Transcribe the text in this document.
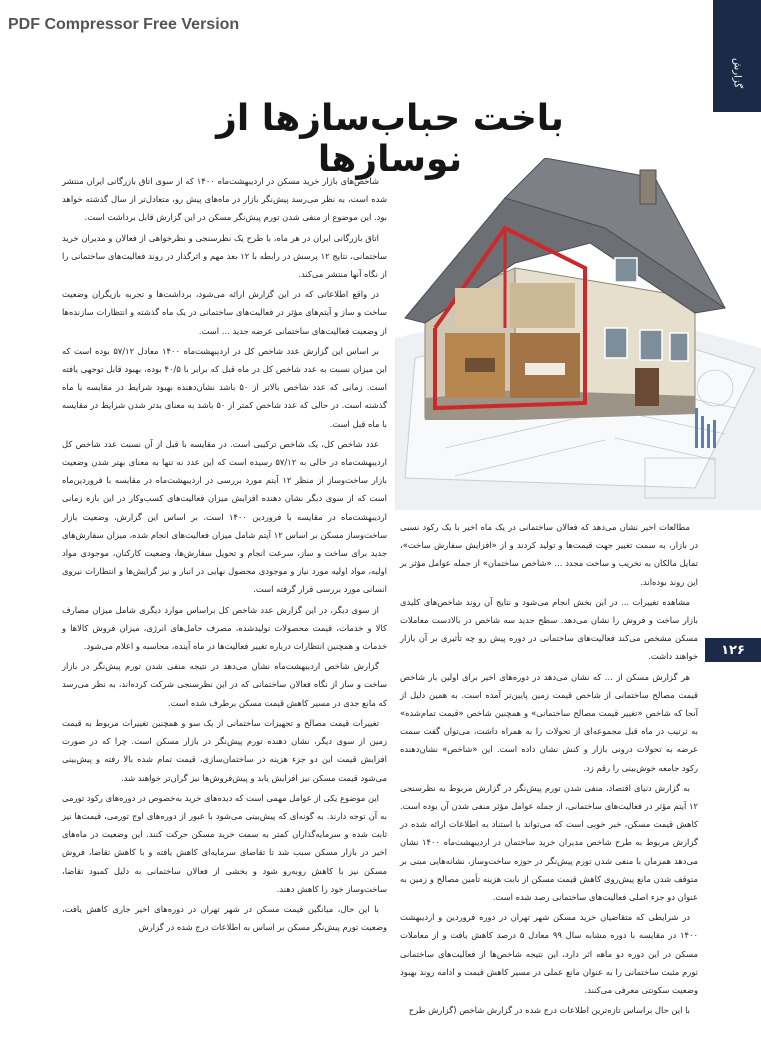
PDF Compressor Free Version
گزارش
باخت حباب‌سازها از نوسازها

شاخص‌های بازار خرید مسکن در اردیبهشت‌ماه ۱۴۰۰ که از سوی اتاق بازرگانی ایران منتشر شده است، به نظر می‌رسد پیش‌نگر بازار در ماه‌های پیش رو، متعادل‌تر از سال گذشته خواهد بود. این موضوع از منفی شدن تورم پیش‌نگر مسکن در این گزارش قابل برداشت است.

اتاق بازرگانی ایران در هر ماه، با طرح یک نظرسنجی و نظرخواهی از فعالان و مدیران خرید ساختمانی، نتایج ۱۲ پرسش در رابطه با ۱۲ بعد مهم و اثرگذار در روند فعالیت‌های ساختمانی را از نگاه آنها منتشر می‌کند.

در واقع اطلاعاتی که در این گزارش ارائه می‌شود، برداشت‌ها و تجربه بازیگران وضعیت ساخت و ساز و آیتم‌های مؤثر در فعالیت‌های ساختمانی در یک ماه گذشته و انتظارات سازنده‌ها از وضعیت فعالیت‌های ساختمانی عرضه جدید ... است.

بر اساس این گزارش عدد شاخص کل در اردیبهشت‌ماه ۱۴۰۰ معادل ۵۷/۱۲ بوده است که این میزان نسبت به عدد شاخص کل در ماه قبل که برابر با ۴۰/۵ بوده، بهبود قابل توجهی یافته است. زمانی که عدد شاخص بالاتر از ۵۰ باشد نشان‌دهنده بهبود شرایط در مقایسه با ماه گذشته است. در حالی که عدد شاخص کمتر از ۵۰ باشد به معنای بدتر شدن شرایط در مقایسه با ماه قبل است.

عدد شاخص کل، یک شاخص ترکیبی است. در مقایسه با قبل از آن نسبت عدد شاخص کل اردیبهشت‌ماه در حالی به ۵۷/۱۲ رسیده است که این عدد نه تنها به معنای بهتر شدن وضعیت بازار ساخت‌وساز از منظر ۱۲ آیتم مورد بررسی در اردیبهشت‌ماه در مقایسه با فروردین‌ماه است که از سوی دیگر نشان دهنده افزایش میزان فعالیت‌های کسب‌وکار در این بازه زمانی اردیبهشت‌ماه در مقایسه با فروردین ۱۴۰۰ است. بر اساس این گزارش، وضعیت بازار ساخت‌وساز مسکن بر اساس ۱۲ آیتم شامل میزان فعالیت‌های انجام شده، میزان سفارش‌های جدید برای ساخت و ساز، سرعت انجام و تحویل سفارش‌ها، وضعیت کارکنان، موجودی مواد اولیه، مواد اولیه مورد نیاز و موجودی محصول نهایی در انبار و نیز گرایش‌ها و انتظارات نیروی انسانی مورد بررسی قرار گرفته است.

از سوی دیگر، در این گزارش عدد شاخص کل براساس موارد دیگری شامل میزان مصارف کالا و خدمات، قیمت محصولات تولیدشده، مصرف حامل‌های انرژی، میزان فروش کالاها و خدمات و همچنین انتظارات درباره تغییر فعالیت‌ها در ماه آینده، محاسبه و اعلام می‌شود.

گزارش شاخص اردیبهشت‌ماه نشان می‌دهد در نتیجه منفی شدن تورم پیش‌نگر در بازار ساخت و ساز از نگاه فعالان ساختمانی که در این نظرسنجی شرکت کرده‌اند، به نظر می‌رسد که مانع جدی در مسیر کاهش قیمت مسکن برطرف شده است.

تغییرات قیمت مصالح و تجهیزات ساختمانی از یک سو و همچنین تغییرات مربوط به قیمت زمین از سوی دیگر، نشان دهنده تورم پیش‌نگر در بازار مسکن است. چرا که در صورت افزایش قیمت این دو جزء هزینه در ساختمان‌سازی، قیمت تمام شده بالا رفته و پیش‌بینی می‌شود قیمت مسکن نیز افزایش یابد و پیش‌فروش‌ها نیز گران‌تر خواهند شد.

این موضوع یکی از عوامل مهمی است که دیده‌های خرید به‌خصوص در دوره‌های رکود تورمی به آن توجه دارند. به گونه‌ای که پیش‌بینی می‌شود با عبور از دوره‌های اوج تورمی، قیمت‌ها نیز ثابت شده و سرمایه‌گذاران کمتر به سمت خرید مسکن حرکت کنند. این وضعیت در ماه‌های اخیر در بازار مسکن سبب شد تا تقاضای سرمایه‌ای کاهش یافته و با کاهش تقاضا، فروش مسکن نیز با کاهش روبه‌رو شود و بخشی از فعالان ساختمانی به دلیل کمبود تقاضا، ساخت‌وساز خود را کاهش دهند.

با این حال، میانگین قیمت مسکن در شهر تهران در دوره‌های اخیر جاری کاهش یافت، وضعیت تورم پیش‌نگر مسکن بر اساس به اطلاعات درج شده در گزارش

مطالعات اخیر نشان می‌دهد که فعالان ساختمانی در یک ماه اخیر با یک رکود نسبی در بازار، به سمت تغییر جهت قیمت‌ها و تولید کردند و از «افزایش سفارش ساخت»، تمایل مالکان به تخریب و ساخت مجدد ... «شاخص ساختمان» از جمله عوامل مؤثر بر این روند بوده‌اند.

مشاهده تغییرات ... در این بخش انجام می‌شود و نتایج آن روند شاخص‌های کلیدی بازار ساخت و فروش را نشان می‌دهد. سطح جدید سه شاخص در بالادست معاملات مسکن مشخص می‌کند فعالیت‌های ساختمانی در دوره پیش رو چه تأثیری بر آن بازار خواهند داشت.

هر گزارش مسکن از ... که نشان می‌دهد در دوره‌های اخیر برای اولین بار شاخص قیمت مصالح ساختمانی از شاخص قیمت زمین پایین‌تر آمده است. به همین دلیل از آنجا که شاخص «تغییر قیمت مصالح ساختمانی» و همچنین شاخص «قیمت تمام‌شده» به ترتیب در ماه قبل مجموعه‌ای از تحولات را به همراه داشت، می‌توان گفت سمت عرضه به تحولات درونی بازار و کنش نشان داده است. این «شاخص» نشان‌دهنده رکود جامعه خوش‌بینی را رقم زد.

به گزارش دنیای اقتصاد، منفی شدن تورم پیش‌نگر در گزارش مربوط به نظرسنجی ۱۲ آیتم مؤثر در فعالیت‌های ساختمانی، از جمله عوامل مؤثر منفی شدن آن بوده است. کاهش قیمت مسکن، خبر خوبی است که می‌تواند با استناد به اطلاعات ارائه شده در گزارش مربوط به طرح شاخص مدیران خرید ساختمان در اردیبهشت‌ماه ۱۴۰۰ نشان می‌دهد همزمان با منفی شدن تورم پیش‌نگر در حوزه ساخت‌وساز، نشانه‌هایی مبنی بر متوقف شدن مانع پیش‌روی کاهش قیمت مسکن از بابت هزینه تأمین مصالح و زمین به عنوان دو جزء اصلی فعالیت‌های ساختمانی رصد شده است.

در شرایطی که متقاضیان خرید مسکن شهر تهران در دوره فروردین و اردیبهشت ۱۴۰۰ در مقایسه با دوره مشابه سال ۹۹ معادل ۵ درصد کاهش یافت و از معاملات مسکن در این دوره دو ماهه اثر دارد، این نتیجه شاخص‌ها از فعالیت‌های ساختمانی تورم مثبت ساختمانی را به عنوان مانع عملی در مسیر کاهش قیمت و ادامه روند بهبود وضعیت سکونتی معرفی می‌کنند.

با این حال براساس تازه‌ترین اطلاعات درج شده در گزارش شاخص (گزارش طرح

۱۲۶
